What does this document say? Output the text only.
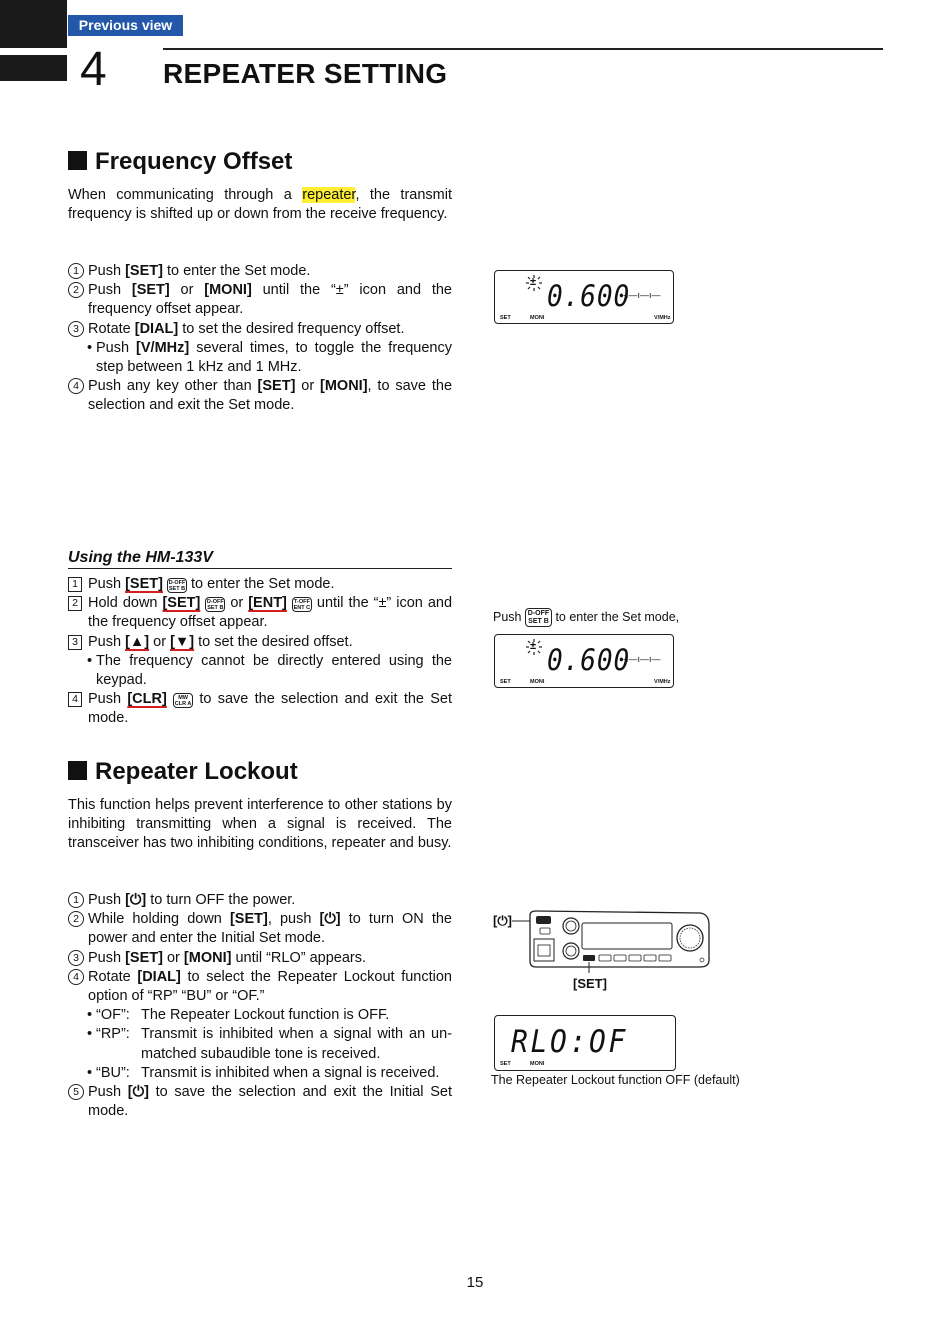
Previous view
4 REPEATER SETTING
Frequency Offset
When communicating through a repeater, the transmit frequency is shifted up or down from the receive frequency.
1 Push [SET] to enter the Set mode.
2 Push [SET] or [MONI] until the “±” icon and the frequency offset appear.
3 Rotate [DIAL] to set the desired frequency offset.
• Push [V/MHz] several times, to toggle the frequency step between 1 kHz and 1 MHz.
4 Push any key other than [SET] or [MONI], to save the selection and exit the Set mode.
± 0.600
-ı—ı—ı—
SET	MONI	V/MHz
Using the HM-133V
1 Push [SET] D-OFF
SET B to enter the Set mode.
2 Hold down [SET] D-OFF
SET B or [ENT] T-OFF
ENT C until the “±” icon and the frequency offset appear.
3 Push [▲] or [▼] to set the desired offset.
• The frequency cannot be directly entered using the keypad.
4 Push [CLR] MW
CLR A to save the selection and exit the Set mode.
Push D-OFF
SET B to enter the Set mode,
± 0.600
-ı—ı—ı—
SET	MONI	V/MHz
Repeater Lockout
This function helps prevent interference to other stations by inhibiting transmitting when a signal is received. The transceiver has two inhibiting conditions, repeater and busy.
1 Push [⏻] to turn OFF the power.
2 While holding down [SET], push [⏻] to turn ON the power and enter the Initial Set mode.
3 Push [SET] or [MONI] until “RLO” appears.
4 Rotate [DIAL] to select the Repeater Lockout function option of “RP” “BU” or “OF.”
• “OF”: The Repeater Lockout function is OFF.
• “RP”: Transmit is inhibited when a signal with an un-matched subaudible tone is received.
• “BU”: Transmit is inhibited when a signal is received.
5 Push [⏻] to save the selection and exit the Initial Set mode.
[⏻]
[SET]
RLO:OF
SET	MONI
The Repeater Lockout function OFF (default)
15
